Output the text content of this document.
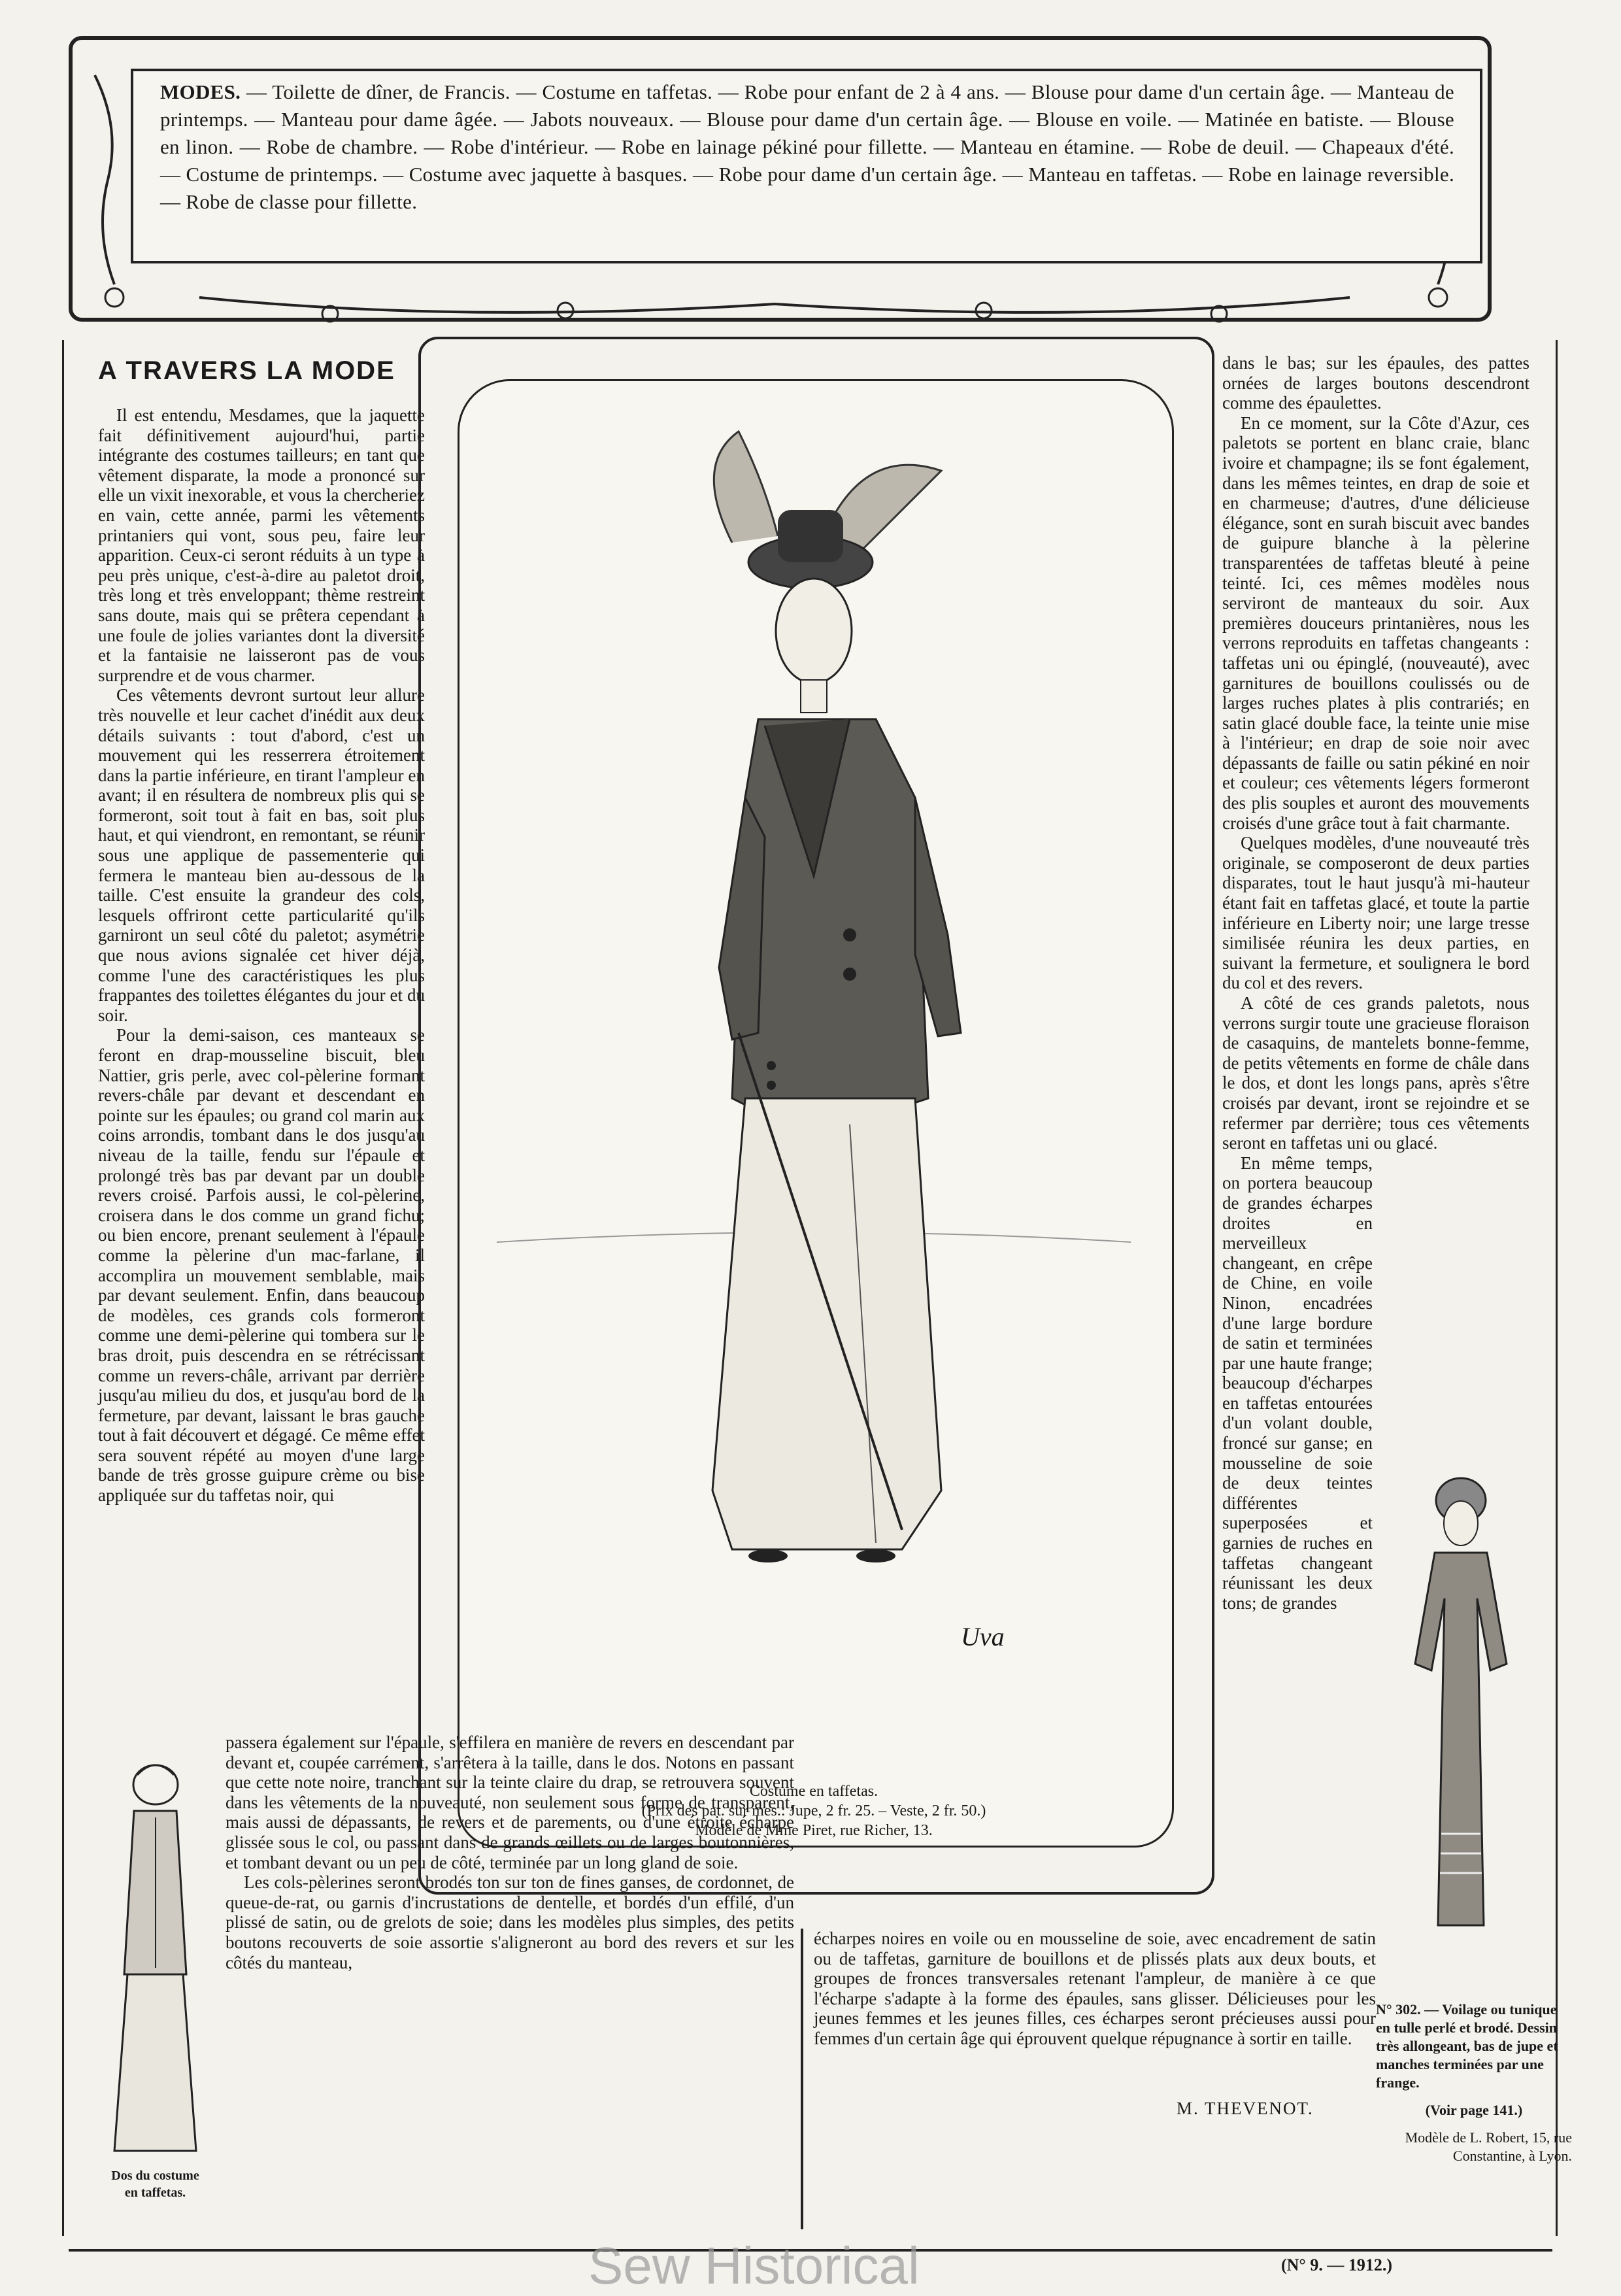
MODES. — Toilette de dîner, de Francis. — Costume en taffetas. — Robe pour enfant de 2 à 4 ans. — Blouse pour dame d'un certain âge. — Manteau de printemps. — Manteau pour dame âgée. — Jabots nouveaux. — Blouse pour dame d'un certain âge. — Blouse en voile. — Matinée en batiste. — Blouse en linon. — Robe de chambre. — Robe d'intérieur. — Robe en lainage pékiné pour fillette. — Manteau en étamine. — Robe de deuil. — Chapeaux d'été. — Costume de printemps. — Costume avec jaquette à basques. — Robe pour dame d'un certain âge. — Manteau en taffetas. — Robe en lainage reversible. — Robe de classe pour fillette.
A TRAVERS LA MODE

Il est entendu, Mesdames, que la jaquette fait définitivement aujourd'hui, partie intégrante des costumes tailleurs; en tant que vêtement disparate, la mode a prononcé sur elle un vixit inexorable, et vous la chercheriez en vain, cette année, parmi les vêtements printaniers qui vont, sous peu, faire leur apparition. Ceux-ci seront réduits à un type à peu près unique, c'est-à-dire au paletot droit, très long et très enveloppant; thème restreint sans doute, mais qui se prêtera cependant à une foule de jolies variantes dont la diversité et la fantaisie ne laisseront pas de vous surprendre et de vous charmer.

Ces vêtements devront surtout leur allure très nouvelle et leur cachet d'inédit aux deux détails suivants : tout d'abord, c'est un mouvement qui les resserrera étroitement dans la partie inférieure, en tirant l'ampleur en avant; il en résultera de nombreux plis qui se formeront, soit tout à fait en bas, soit plus haut, et qui viendront, en remontant, se réunir sous une applique de passementerie qui fermera le manteau bien au-dessous de la taille. C'est ensuite la grandeur des cols, lesquels offriront cette particularité qu'ils garniront un seul côté du paletot; asymétrie que nous avions signalée cet hiver déjà, comme l'une des caractéristiques les plus frappantes des toilettes élégantes du jour et du soir.

Pour la demi-saison, ces manteaux se feront en drap-mousseline biscuit, bleu Nattier, gris perle, avec col-pèlerine formant revers-châle par devant et descendant en pointe sur les épaules; ou grand col marin aux coins arrondis, tombant dans le dos jusqu'au niveau de la taille, fendu sur l'épaule et prolongé très bas par devant par un double revers croisé. Parfois aussi, le col-pèlerine, croisera dans le dos comme un grand fichu; ou bien encore, prenant seulement à l'épaule comme la pèlerine d'un mac-farlane, il accomplira un mouvement semblable, mais par devant seulement. Enfin, dans beaucoup de modèles, ces grands cols formeront comme une demi-pèlerine qui tombera sur le bras droit, puis descendra en se rétrécissant comme un revers-châle, arrivant par derrière jusqu'au milieu du dos, et jusqu'au bord de la fermeture, par devant, laissant le bras gauche tout à fait découvert et dégagé. Ce même effet sera souvent répété au moyen d'une large bande de très grosse guipure crème ou bise appliquée sur du taffetas noir, qui

Dos du costume
en taffetas.
Uva
Costume en taffetas.
(Prix des pat. sur mes.: Jupe, 2 fr. 25. – Veste, 2 fr. 50.)
Modèle de Mme Piret, rue Richer, 13.

dans le bas; sur les épaules, des pattes ornées de larges boutons descendront comme des épaulettes.

En ce moment, sur la Côte d'Azur, ces paletots se portent en blanc craie, blanc ivoire et champagne; ils se font également, dans les mêmes teintes, en drap de soie et en charmeuse; d'autres, d'une délicieuse élégance, sont en surah biscuit avec bandes de guipure blanche à la pèlerine transparentées de taffetas bleuté à peine teinté. Ici, ces mêmes modèles nous serviront de manteaux du soir. Aux premières douceurs printanières, nous les verrons reproduits en taffetas changeants : taffetas uni ou épinglé, (nouveauté), avec garnitures de bouillons coulissés ou de larges ruches plates à plis contrariés; en satin glacé double face, la teinte unie mise à l'intérieur; en drap de soie noir avec dépassants de faille ou satin pékiné en noir et couleur; ces vêtements légers formeront des plis souples et auront des mouvements croisés d'une grâce tout à fait charmante.

Quelques modèles, d'une nouveauté très originale, se composeront de deux parties disparates, tout le haut jusqu'à mi-hauteur étant fait en taffetas glacé, et toute la partie inférieure en Liberty noir; une large tresse similisée réunira les deux parties, en suivant la fermeture, et soulignera le bord du col et des revers.

A côté de ces grands paletots, nous verrons surgir toute une gracieuse floraison de casaquins, de mantelets bonne-femme, de petits vêtements en forme de châle dans le dos, et dont les longs pans, après s'être croisés par devant, iront se rejoindre et se refermer par derrière; tous ces vêtements seront en taffetas uni ou glacé.

En même temps, on portera beaucoup de grandes écharpes droites en merveilleux changeant, en crêpe de Chine, en voile Ninon, encadrées d'une large bordure de satin et terminées par une haute frange; beaucoup d'écharpes en taffetas entourées d'un volant double, froncé sur ganse; en mousseline de soie de deux teintes différentes superposées et garnies de ruches en taffetas changeant réunissant les deux tons; de grandes

N° 302. — Voilage ou tunique en tulle perlé et brodé. Dessin très allongeant, bas de jupe et manches terminées par une frange.
(Voir page 141.)
Modèle de L. Robert, 15, rue Constantine, à Lyon.

passera également sur l'épaule, s'effilera en manière de revers en descendant par devant et, coupée carrément, s'arrêtera à la taille, dans le dos. Notons en passant que cette note noire, tranchant sur la teinte claire du drap, se retrouvera souvent dans les vêtements de la nouveauté, non seulement sous forme de transparent, mais aussi de dépassants, de revers et de parements, ou d'une étroite écharpe glissée sous le col, ou passant dans de grands œillets ou de larges boutonnières, et tombant devant ou un peu de côté, terminée par un long gland de soie.

Les cols-pèlerines seront brodés ton sur ton de fines ganses, de cordonnet, de queue-de-rat, ou garnis d'incrustations de dentelle, et bordés d'un effilé, d'un plissé de satin, ou de grelots de soie; dans les modèles plus simples, des petits boutons recouverts de soie assortie s'aligneront au bord des revers et sur les côtés du manteau,

écharpes noires en voile ou en mousseline de soie, avec encadrement de satin ou de taffetas, garniture de bouillons et de plissés plats aux deux bouts, et groupes de fronces transversales retenant l'ampleur, de manière à ce que l'écharpe s'adapte à la forme des épaules, sans glisser. Délicieuses pour les jeunes femmes et les jeunes filles, ces écharpes seront précieuses aussi pour femmes d'un certain âge qui éprouvent quelque répugnance à sortir en taille.
M. THEVENOT.
Sew Historical	(N° 9. — 1912.)
